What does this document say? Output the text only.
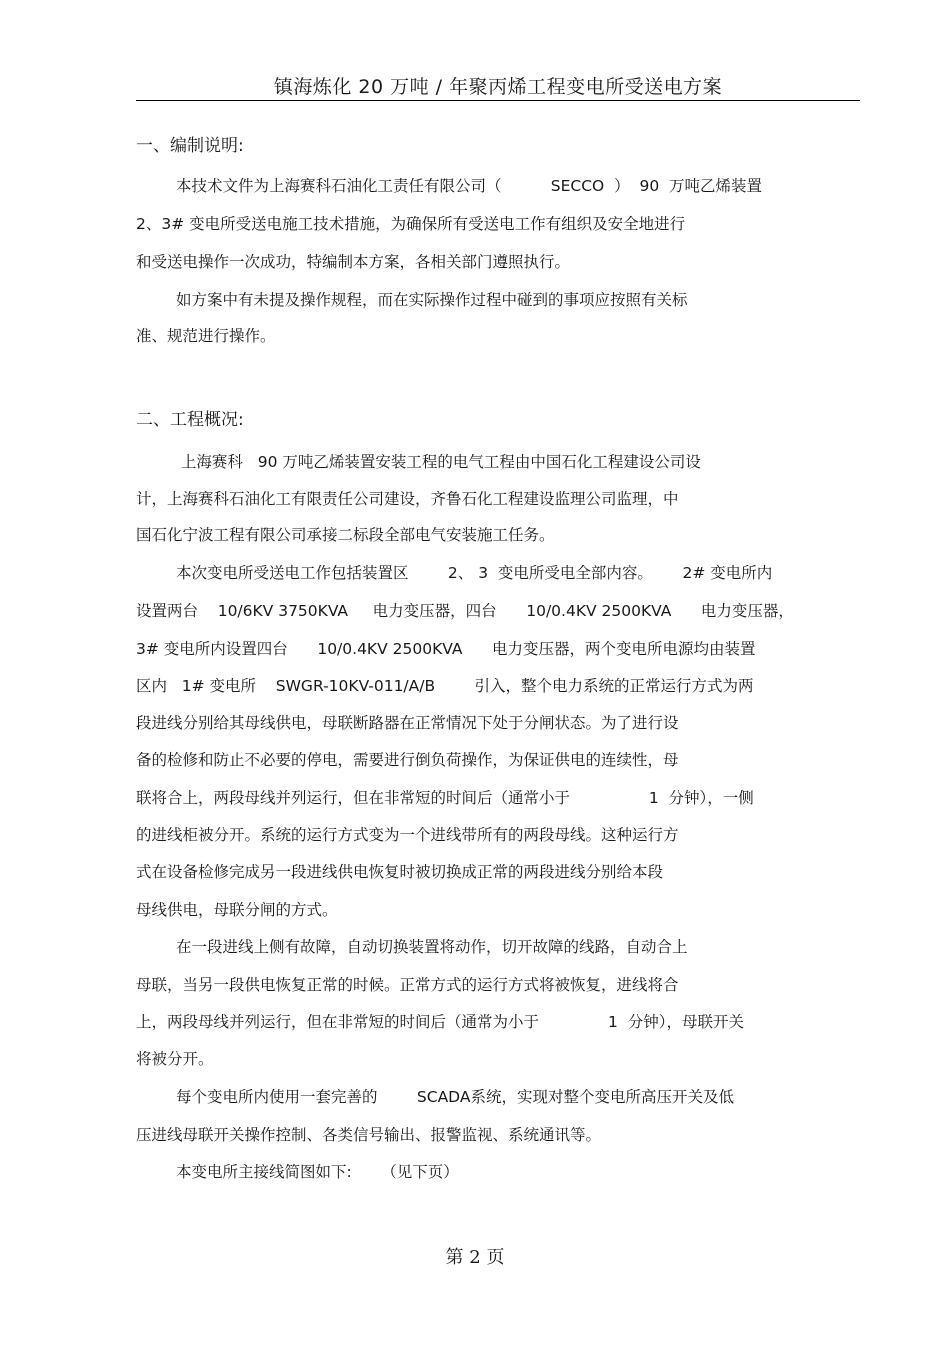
镇海炼化 20 万吨 / 年聚丙烯工程变电所受送电方案
一、编制说明:
本技术文件为上海赛科石油化工责任有限公司（          SECCO  ）  90  万吨乙烯装置
2、3# 变电所受送电施工技术措施，为确保所有受送电工作有组织及安全地进行
和受送电操作一次成功，特编制本方案，各相关部门遵照执行。
如方案中有未提及操作规程，而在实际操作过程中碰到的事项应按照有关标
准、规范进行操作。
二、工程概况:
上海赛科   90 万吨乙烯装置安装工程的电气工程由中国石化工程建设公司设
计，上海赛科石油化工有限责任公司建设，齐鲁石化工程建设监理公司监理，中
国石化宁波工程有限公司承接二标段全部电气安装施工任务。
本次变电所受送电工作包括装置区        2、 3  变电所受电全部内容。      2# 变电所内
设置两台    10/6KV 3750KVA     电力变压器，四台      10/0.4KV 2500KVA      电力变压器，
3# 变电所内设置四台      10/0.4KV 2500KVA      电力变压器，两个变电所电源均由装置
区内   1# 变电所    SWGR-10KV-011/A/B        引入，整个电力系统的正常运行方式为两
段进线分别给其母线供电，母联断路器在正常情况下处于分闸状态。为了进行设
备的检修和防止不必要的停电，需要进行倒负荷操作，为保证供电的连续性，母
联将合上，两段母线并列运行，但在非常短的时间后（通常小于                1  分钟），一侧
的进线柜被分开。系统的运行方式变为一个进线带所有的两段母线。这种运行方
式在设备检修完成另一段进线供电恢复时被切换成正常的两段进线分别给本段
母线供电，母联分闸的方式。
在一段进线上侧有故障，自动切换装置将动作，切开故障的线路，自动合上
母联，当另一段供电恢复正常的时候。正常方式的运行方式将被恢复，进线将合
上，两段母线并列运行，但在非常短的时间后（通常为小于              1  分钟），母联开关
将被分开。
每个变电所内使用一套完善的        SCADA系统，实现对整个变电所高压开关及低
压进线母联开关操作控制、各类信号输出、报警监视、系统通讯等。
本变电所主接线简图如下:      （见下页）
第 2 页
